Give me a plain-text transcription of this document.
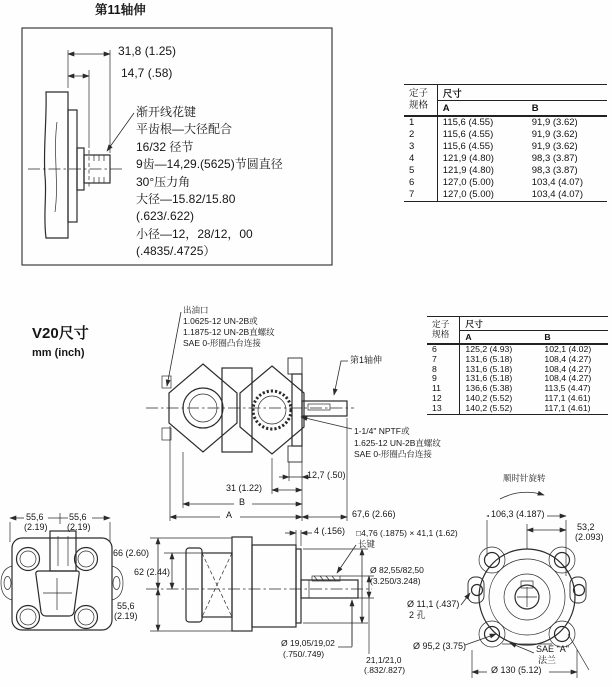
第11轴伸
31,8 (1.25)
14,7 (.58)
渐开线花键
平齿根—大径配合
16/32 径节
9齿—14,29.(5625)节圆直径
30°压力角
大径—15.82/15.80
(.623/.622)
小径—12，28/12，00
(.4835/.4725）
V20尺寸
mm (inch)
出油口
1.0625-12 UN-2B或
1.1875-12 UN-2B直螺纹
SAE 0-形圈凸台连接
第1轴伸
1-1/4" NPTF或
1.625-12 UN-2B直螺纹
SAE 0-形圈凸台连接
12,7 (.50)
31 (1.22)
B
A	67,6 (2.66)
4 (.156) □4,76 (.1875) × 41,1 (1.62)
长键
顺时针旋转
106,3 (4.187)
53,2
(2.093)
55,6
(2.19)
55,6
(2.19)
66 (2.60)
62 (2.44)
55,6
(2.19)
Ø 82,55/82,50
(3.250/3.248)
Ø 11,1 (.437)
2 孔
Ø 95,2 (3.75)
21,1/21,0
(.832/.827)
Ø 19,05/19,02
(.750/.749)	SAE "A"
法兰
Ø 130 (5.12)
定子
规格	尺寸	
	A	B
1	115,6 (4.55)	91,9 (3.62)
2	115,6 (4.55)	91,9 (3.62)
3	115,6 (4.55)	91,9 (3.62)
4	121,9 (4.80)	98,3 (3.87)
5	121,9 (4.80)	98,3 (3.87)
6	127,0 (5.00)	103,4 (4.07)
7	127,0 (5.00)	103,4 (4.07)
定子
规格	尺寸	
	A	B
6	125,2 (4.93)	102,1 (4.02)
7	131,6 (5.18)	108,4 (4.27)
8	131,6 (5.18)	108,4 (4.27)
9	131,6 (5.18)	108,4 (4.27)
11	136,6 (5.38)	113,5 (4.47)
12	140,2 (5.52)	117,1 (4.61)
13	140,2 (5.52)	117,1 (4.61)
